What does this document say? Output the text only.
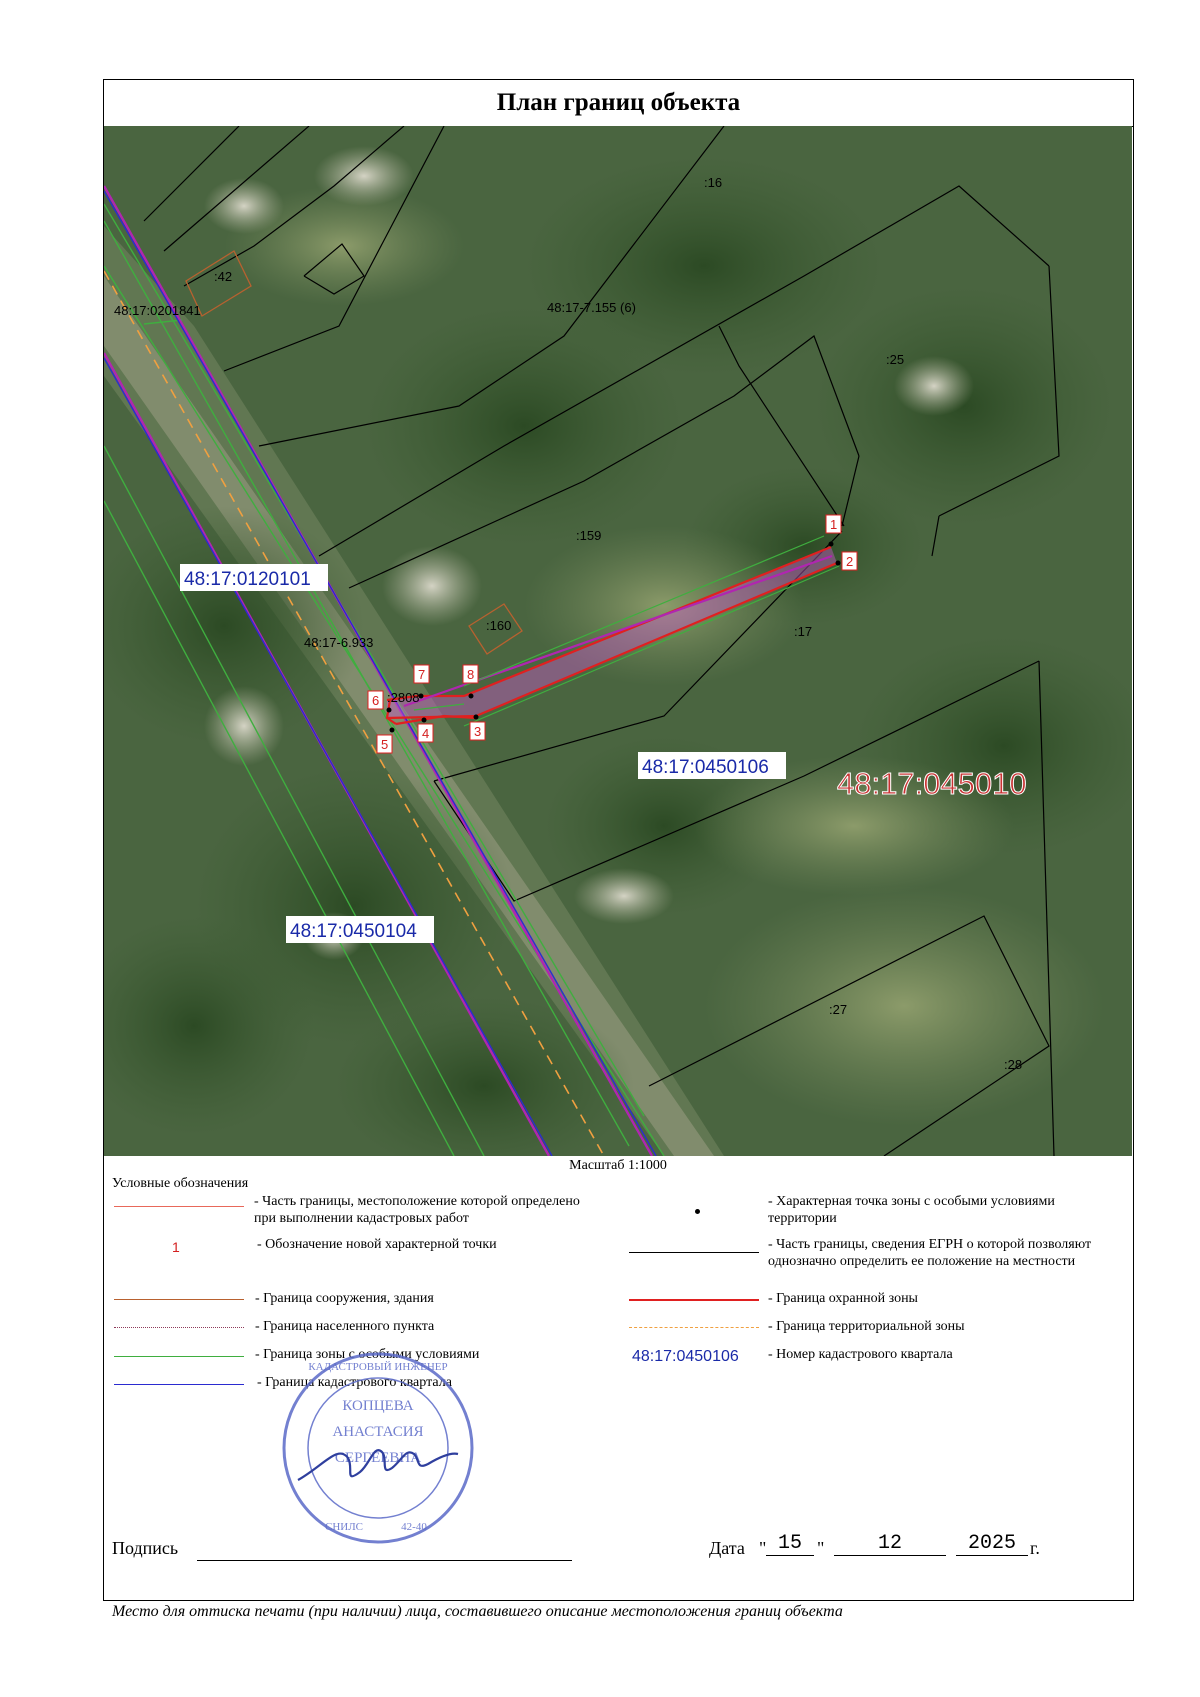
План границ объекта
:16
:42
48:17:0201841	48:17-7.155 (6)
:25
:159
:160	:17
48:17-6.933
:2808
:27
:28
48:17:0120101
48:17:0450106
48:17:0450104
48:17:045010
1
2
3
4
5
6
7	8
Масштаб 1:1000
Условные обозначения
- Часть границы, местоположение которой определено при выполнении кадастровых работ
1	- Обозначение новой характерной точки
- Граница сооружения, здания
- Граница населенного пункта
- Граница зоны с особыми условиями
- Граница кадастрового квартала
- Характерная точка зоны с особыми условиями территории
- Часть границы, сведения ЕГРН о которой позволяют однозначно определить ее положение на местности
- Граница охранной зоны
- Граница территориальной зоны
48:17:0450106 - Номер кадастрового квартала
Подпись	Дата " 15 "	12	2025 г.
Место для оттиска печати (при наличии) лица, составившего описание местоположения границ объекта
КОПЦЕВА
АНАСТАСИЯ
СЕРГЕЕВНА
КАДАСТРОВЫЙ ИНЖЕНЕР
СНИЛС	42-40
